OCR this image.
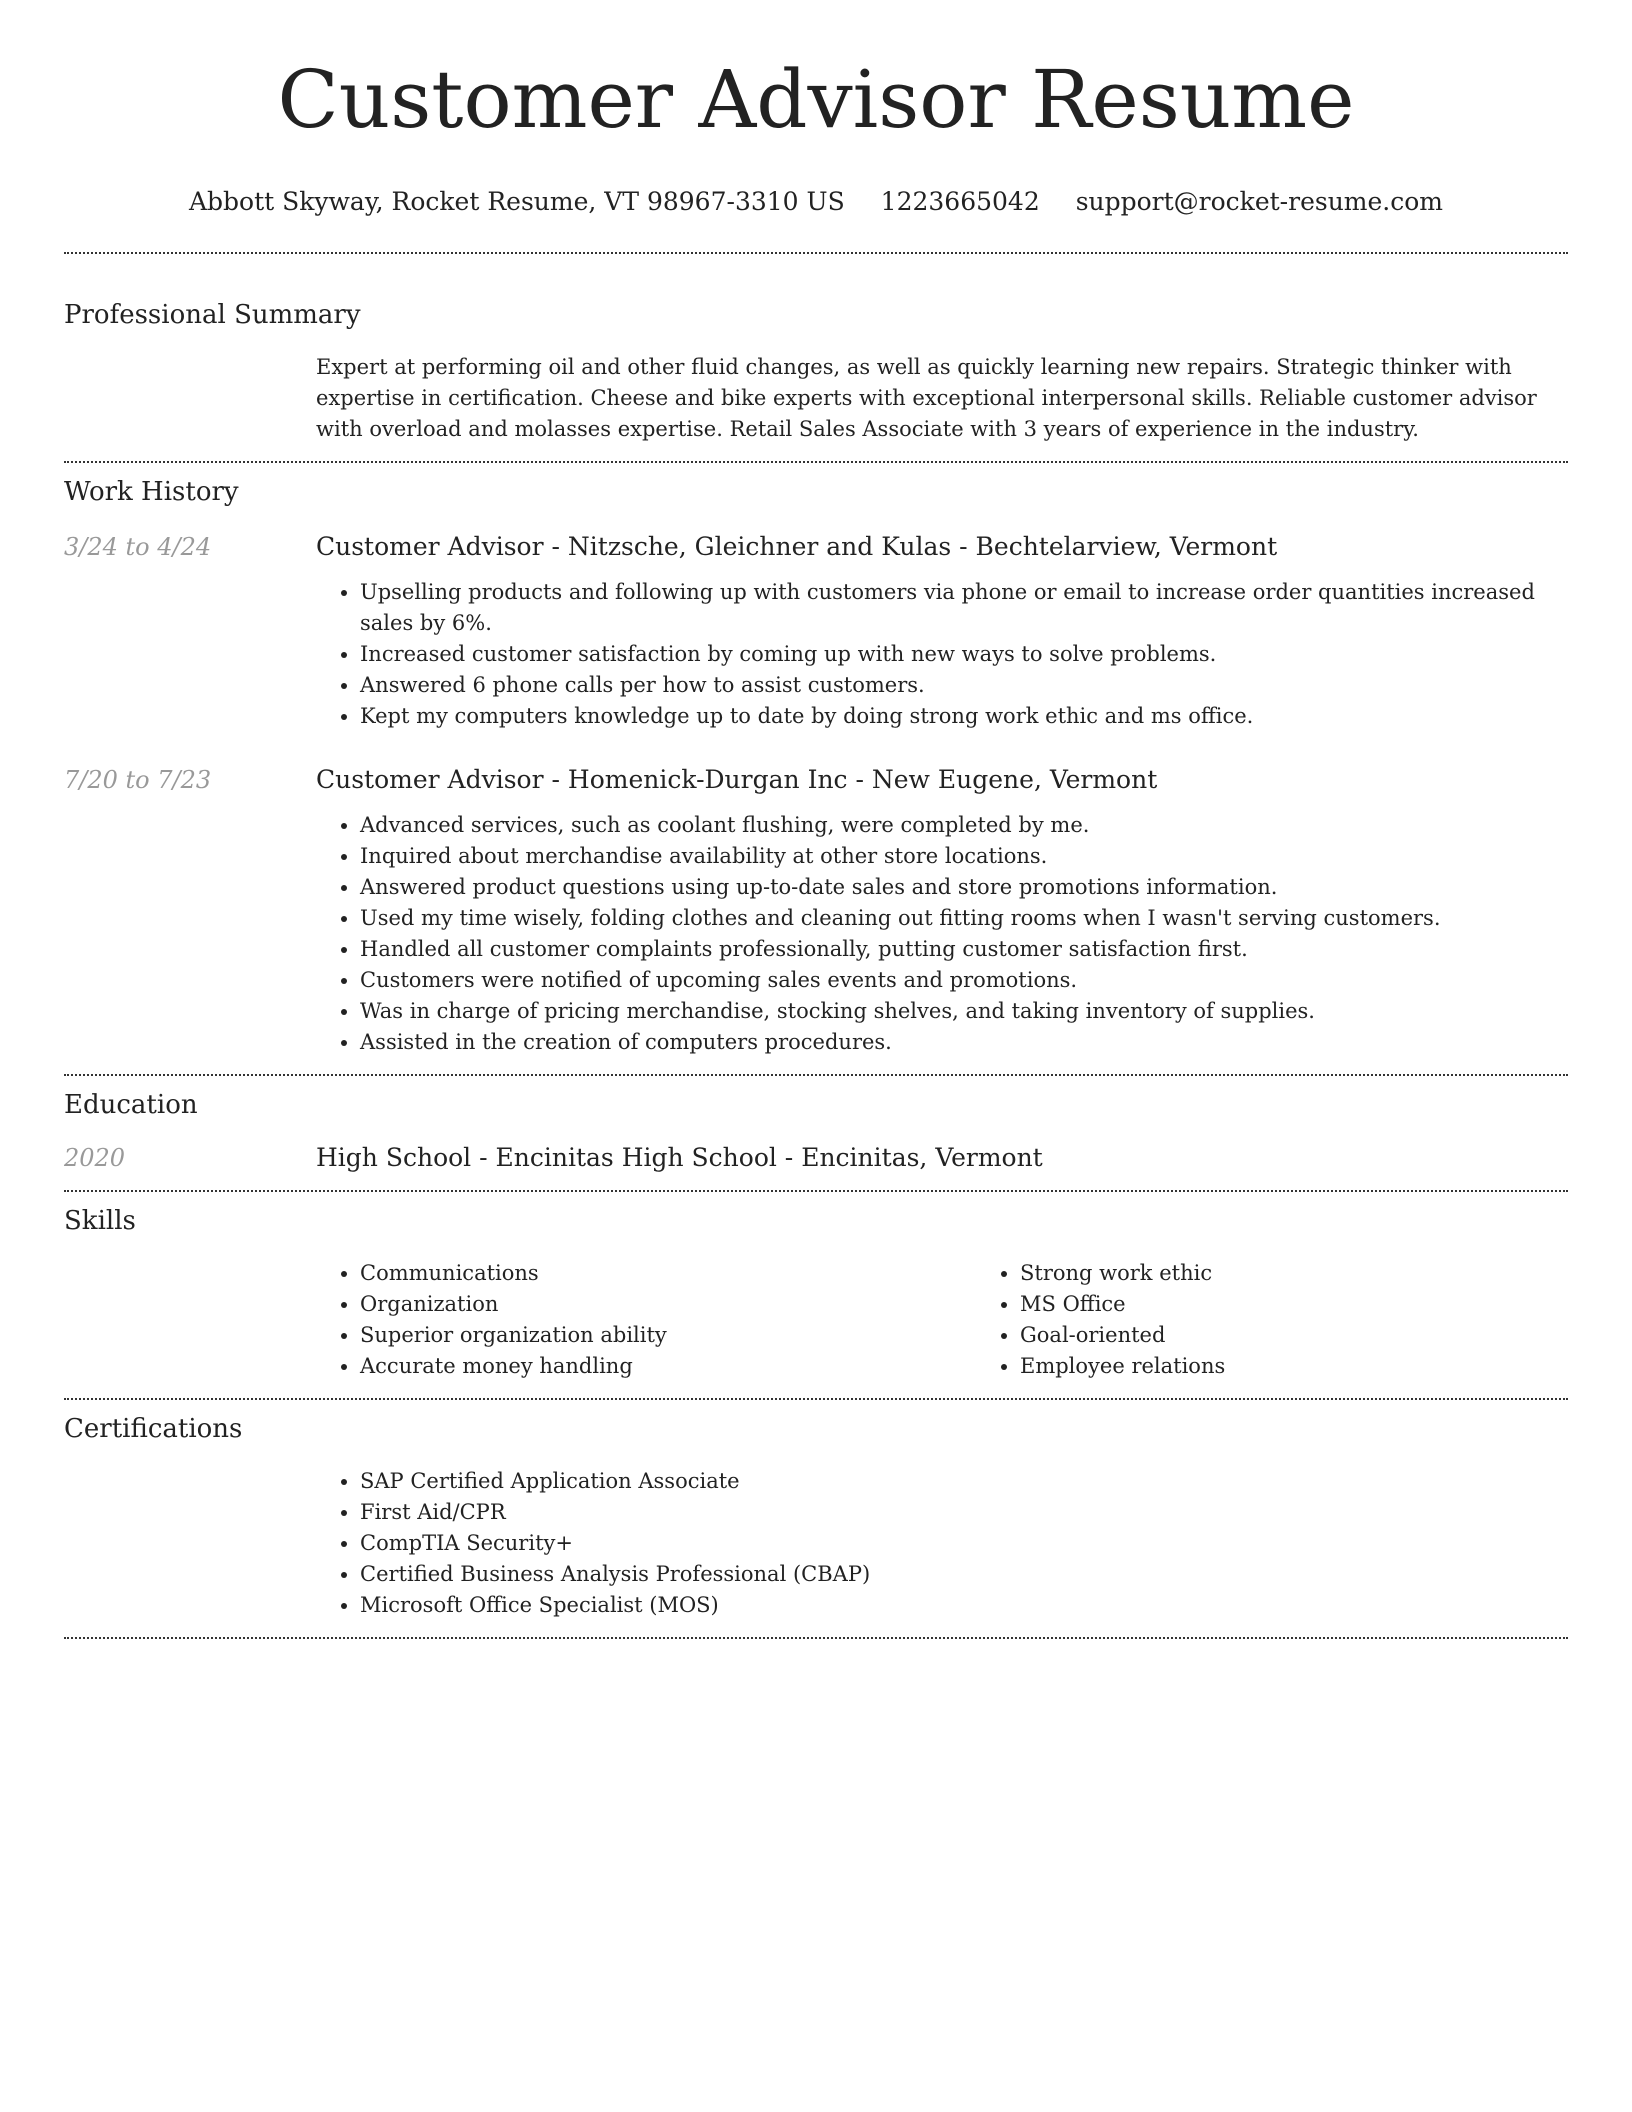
Customer Advisor Resume
Abbott Skyway, Rocket Resume, VT 98967-3310 US 1223665042 support@rocket-resume.com
Professional Summary

Expert at performing oil and other fluid changes, as well as quickly learning new repairs. Strategic thinker with expertise in certification. Cheese and bike experts with exceptional interpersonal skills. Reliable customer advisor with overload and molasses expertise. Retail Sales Associate with 3 years of experience in the industry.

Work History
3/24 to 4/24	Customer Advisor - Nitzsche, Gleichner and Kulas - Bechtelarview, Vermont
• Upselling products and following up with customers via phone or email to increase order quantities increased sales by 6%.
• Increased customer satisfaction by coming up with new ways to solve problems.
• Answered 6 phone calls per how to assist customers.
• Kept my computers knowledge up to date by doing strong work ethic and ms office.
7/20 to 7/23	Customer Advisor - Homenick-Durgan Inc - New Eugene, Vermont
• Advanced services, such as coolant flushing, were completed by me.
• Inquired about merchandise availability at other store locations.
• Answered product questions using up-to-date sales and store promotions information.
• Used my time wisely, folding clothes and cleaning out fitting rooms when I wasn't serving customers.
• Handled all customer complaints professionally, putting customer satisfaction first.
• Customers were notified of upcoming sales events and promotions.
• Was in charge of pricing merchandise, stocking shelves, and taking inventory of supplies.
• Assisted in the creation of computers procedures.
Education
2020	High School - Encinitas High School - Encinitas, Vermont
Skills
• Communications
• Organization
• Superior organization ability
• Accurate money handling
• Strong work ethic
• MS Office
• Goal-oriented
• Employee relations
Certifications
• SAP Certified Application Associate
• First Aid/CPR
• CompTIA Security+
• Certified Business Analysis Professional (CBAP)
• Microsoft Office Specialist (MOS)
